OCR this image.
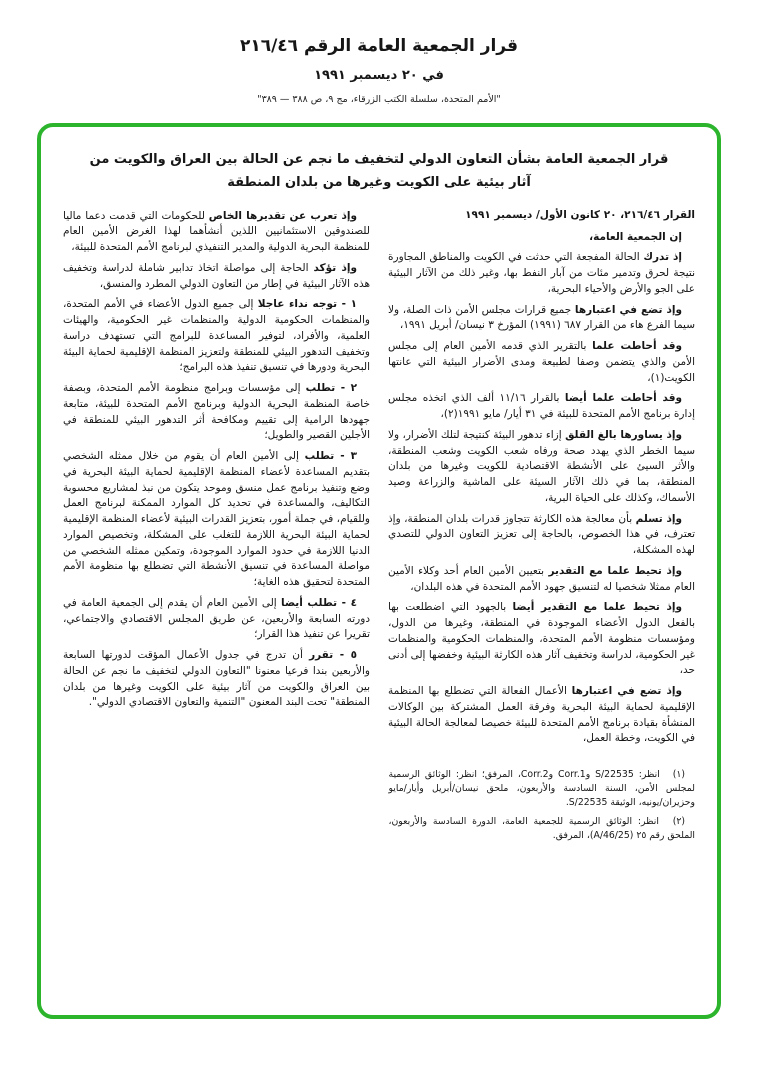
قرار الجمعية العامة الرقم ٢١٦/٤٦
في ٢٠ ديسمبر ١٩٩١
"الأمم المتحدة، سلسلة الكتب الزرقاء، مج ٩، ص ٣٨٨ — ٣٨٩"
قرار الجمعية العامة بشأن التعاون الدولي لتخفيف ما نجم عن الحالة بين العراق والكويت من آثار بيئية على الكويت وغيرها من بلدان المنطقة

القرار ٢١٦/٤٦، ٢٠ كانون الأول/ ديسمبر ١٩٩١

إن الجمعية العامة،

إذ تدرك الحالة المفجعة التي حدثت في الكويت والمناطق المجاورة نتيجة لحرق وتدمير مئات من آبار النفط بها، وغير ذلك من الآثار البيئية على الجو والأرض والأحياء البحرية،

وإذ تضع في اعتبارها جميع قرارات مجلس الأمن ذات الصلة، ولا سيما الفرع هاء من القرار ٦٨٧ (١٩٩١) المؤرخ ٣ نيسان/ أبريل ١٩٩١،

وقد أحاطت علما بالتقرير الذي قدمه الأمين العام إلى مجلس الأمن والذي يتضمن وصفا لطبيعة ومدى الأضرار البيئية التي عانتها الكويت(١)،

وقد أحاطت علما أيضا بالقرار ١١/١٦ ألف الذي اتخذه مجلس إدارة برنامج الأمم المتحدة للبيئة في ٣١ أيار/ مايو ١٩٩١(٢)،

وإذ يساورها بالغ القلق إزاء تدهور البيئة كنتيجة لتلك الأضرار، ولا سيما الخطر الذي يهدد صحة ورفاه شعب الكويت وشعب المنطقة، والأثر السيئ على الأنشطة الاقتصادية للكويت وغيرها من بلدان المنطقة، بما في ذلك الآثار السيئة على الماشية والزراعة وصيد الأسماك، وكذلك على الحياة البرية،

وإذ تسلم بأن معالجة هذه الكارثة تتجاوز قدرات بلدان المنطقة، وإذ تعترف، في هذا الخصوص، بالحاجة إلى تعزيز التعاون الدولي للتصدي لهذه المشكلة،

وإذ تحيط علما مع التقدير بتعيين الأمين العام أحد وكلاء الأمين العام ممثلا شخصيا له لتنسيق جهود الأمم المتحدة في هذه البلدان،

وإذ تحيط علما مع التقدير أيضا بالجهود التي اضطلعت بها بالفعل الدول الأعضاء الموجودة في المنطقة، وغيرها من الدول، ومؤسسات منظومة الأمم المتحدة، والمنظمات الحكومية والمنظمات غير الحكومية، لدراسة وتخفيف آثار هذه الكارثة البيئية وخفضها إلى أدنى حد،

وإذ تضع في اعتبارها الأعمال الفعالة التي تضطلع بها المنظمة الإقليمية لحماية البيئة البحرية وفرقة العمل المشتركة بين الوكالات المنشأة بقيادة برنامج الأمم المتحدة للبيئة خصيصا لمعالجة الحالة البيئية في الكويت، وخطة العمل،

وإذ تعرب عن تقديرها الخاص للحكومات التي قدمت دعما ماليا للصندوقين الاستئمانيين اللذين أنشأهما لهذا الغرض الأمين العام للمنظمة البحرية الدولية والمدير التنفيذي لبرنامج الأمم المتحدة للبيئة،

وإذ تؤكد الحاجة إلى مواصلة اتخاذ تدابير شاملة لدراسة وتخفيف هذه الآثار البيئية في إطار من التعاون الدولي المطرد والمنسق،

١ - توجه نداء عاجلا إلى جميع الدول الأعضاء في الأمم المتحدة، والمنظمات الحكومية الدولية والمنظمات غير الحكومية، والهيئات العلمية، والأفراد، لتوفير المساعدة للبرامج التي تستهدف دراسة وتخفيف التدهور البيئي للمنطقة ولتعزيز المنظمة الإقليمية لحماية البيئة البحرية ودورها في تنسيق تنفيذ هذه البرامج؛

٢ - تطلب إلى مؤسسات وبرامج منظومة الأمم المتحدة، وبصفة خاصة المنظمة البحرية الدولية وبرنامج الأمم المتحدة للبيئة، متابعة جهودها الرامية إلى تقييم ومكافحة أثر التدهور البيئي للمنطقة في الأجلين القصير والطويل؛

٣ - تطلب إلى الأمين العام أن يقوم من خلال ممثله الشخصي بتقديم المساعدة لأعضاء المنظمة الإقليمية لحماية البيئة البحرية في وضع وتنفيذ برنامج عمل منسق وموحد يتكون من نبذ لمشاريع محسوبة التكاليف، والمساعدة في تحديد كل الموارد الممكنة لبرنامج العمل وللقيام، في جملة أمور، بتعزيز القدرات البيئية لأعضاء المنظمة الإقليمية لحماية البيئة البحرية اللازمة للتغلب على المشكلة، وتخصيص الموارد الدنيا اللازمة في حدود الموارد الموجودة، وتمكين ممثله الشخصي من مواصلة المساعدة في تنسيق الأنشطة التي تضطلع بها منظومة الأمم المتحدة لتحقيق هذه الغاية؛

٤ - تطلب أيضا إلى الأمين العام أن يقدم إلى الجمعية العامة في دورته السابعة والأربعين، عن طريق المجلس الاقتصادي والاجتماعي، تقريرا عن تنفيذ هذا القرار؛

٥ - تقرر أن تدرج في جدول الأعمال المؤقت لدورتها السابعة والأربعين بندا فرعيا معنونا "التعاون الدولي لتخفيف ما نجم عن الحالة بين العراق والكويت من آثار بيئية على الكويت وغيرها من بلدان المنطقة" تحت البند المعنون "التنمية والتعاون الاقتصادي الدولي".

(١) انظر: S/22535 وCorr.1 وCorr.2، المرفق؛ انظر: الوثائق الرسمية لمجلس الأمن، السنة السادسة والأربعون، ملحق نيسان/أبريل وأيار/مايو وحزيران/يونيه، الوثيقة S/22535.

(٢) انظر: الوثائق الرسمية للجمعية العامة، الدورة السادسة والأربعون، الملحق رقم ٢٥ (A/46/25)، المرفق.
